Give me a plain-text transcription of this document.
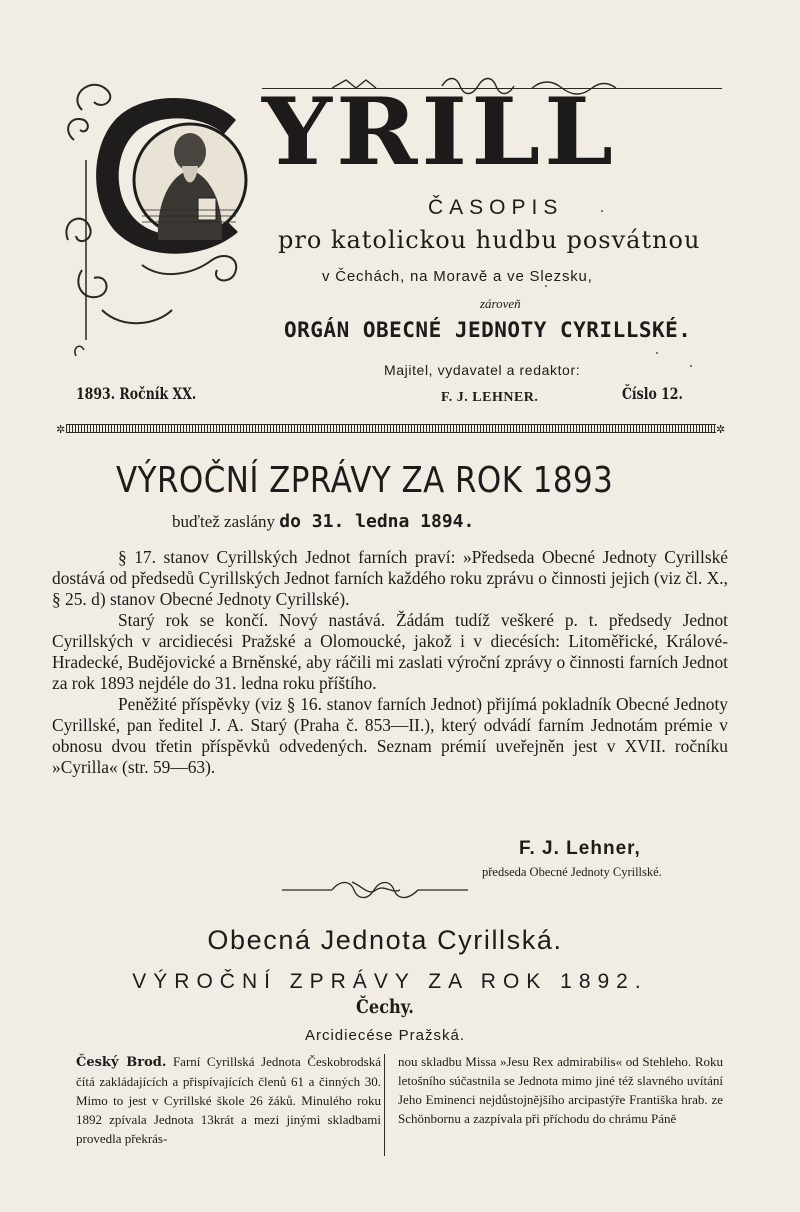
YRILL
ČASOPIS
pro katolickou hudbu posvátnou
v Čechách, na Moravě a ve Slezsku,
zároveň
ORGÁN OBECNÉ JEDNOTY CYRILLSKÉ.
Majitel, vydavatel a redaktor:
1893. Ročník XX.	F. J. LEHNER.	Číslo 12.
✲	✲
VÝROČNÍ ZPRÁVY ZA ROK 1893
buďtež zaslány do 31. ledna 1894.

§ 17. stanov Cyrillských Jednot farních praví: »Předseda Obecné Jednoty Cyrillské dostává od předsedů Cyrillských Jednot farních každého roku zprávu o činnosti jejich (viz čl. X., § 25. d) stanov Obecné Jednoty Cyrillské).

Starý rok se končí. Nový nastává. Žádám tudíž veškeré p. t. předsedy Jednot Cyrillských v arcidiecési Pražské a Olomoucké, jakož i v diecésích: Litoměřické, Králové-Hradecké, Budějovické a Brněnské, aby ráčili mi zaslati výroční zprávy o činnosti farních Jednot za rok 1893 nejdéle do 31. ledna roku příštího.

Peněžité příspěvky (viz § 16. stanov farních Jednot) přijímá pokladník Obecné Jednoty Cyrillské, pan ředitel J. A. Starý (Praha č. 853—II.), který odvádí farním Jednotám prémie v obnosu dvou třetin příspěvků odvedených. Seznam prémií uveřejněn jest v XVII. ročníku »Cyrilla« (str. 59—63).

F. J. Lehner,
předseda Obecné Jednoty Cyrillské.
Obecná Jednota Cyrillská.
VÝROČNÍ ZPRÁVY ZA ROK 1892.
Čechy.
Arcidiecése Pražská.
Český Brod. Farní Cyrillská Jednota Českobrodská čítá zakládajících a přispívajících členů 61 a činných 30. Mimo to jest v Cyrillské škole 26 žáků. Minulého roku 1892 zpívala Jednota 13krát a mezi jinými skladbami provedla překrás-
nou skladbu Missa »Jesu Rex admirabilis« od Stehleho. Roku letošního súčastnila se Jednota mimo jiné též slavného uvítání Jeho Eminenci nejdůstojnějšího arcipastýře Františka hrab. ze Schönbornu a zazpívala při příchodu do chrámu Páně
